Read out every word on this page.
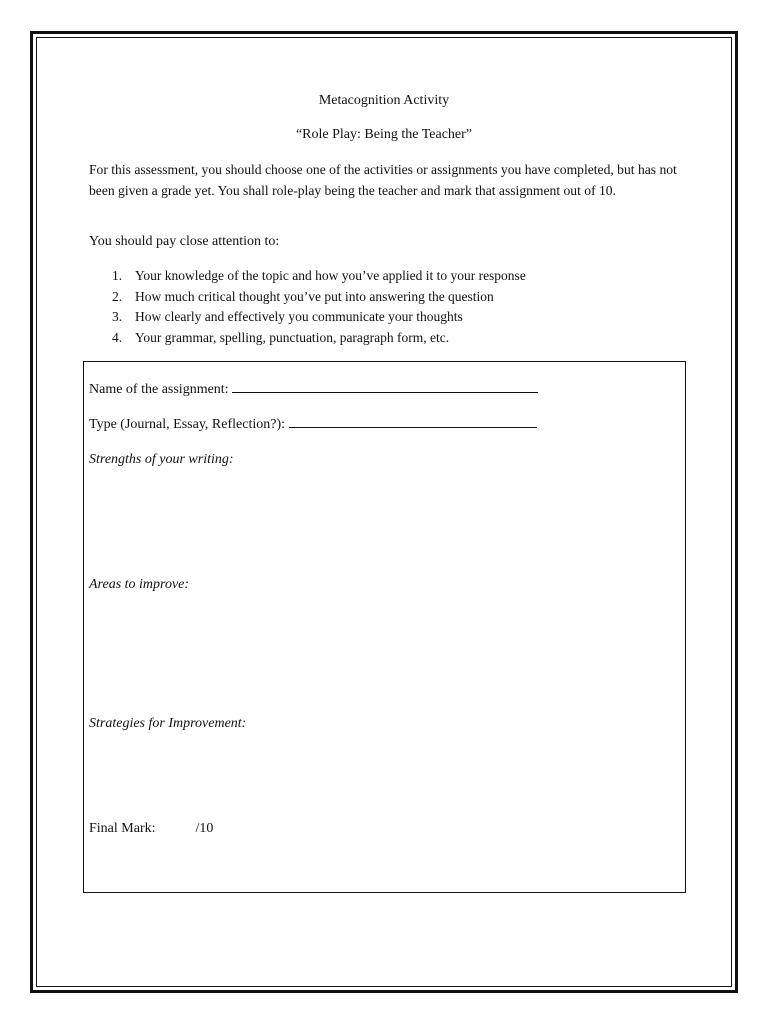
Metacognition Activity
“Role Play: Being the Teacher”
For this assessment, you should choose one of the activities or assignments you have completed, but has not been given a grade yet. You shall role-play being the teacher and mark that assignment out of 10.
You should pay close attention to:
1. Your knowledge of the topic and how you’ve applied it to your response
2. How much critical thought you’ve put into answering the question
3. How clearly and effectively you communicate your thoughts
4. Your grammar, spelling, punctuation, paragraph form, etc.
Name of the assignment:
Type (Journal, Essay, Reflection?):
Strengths of your writing:
Areas to improve:
Strategies for Improvement:
Final Mark:	/10
